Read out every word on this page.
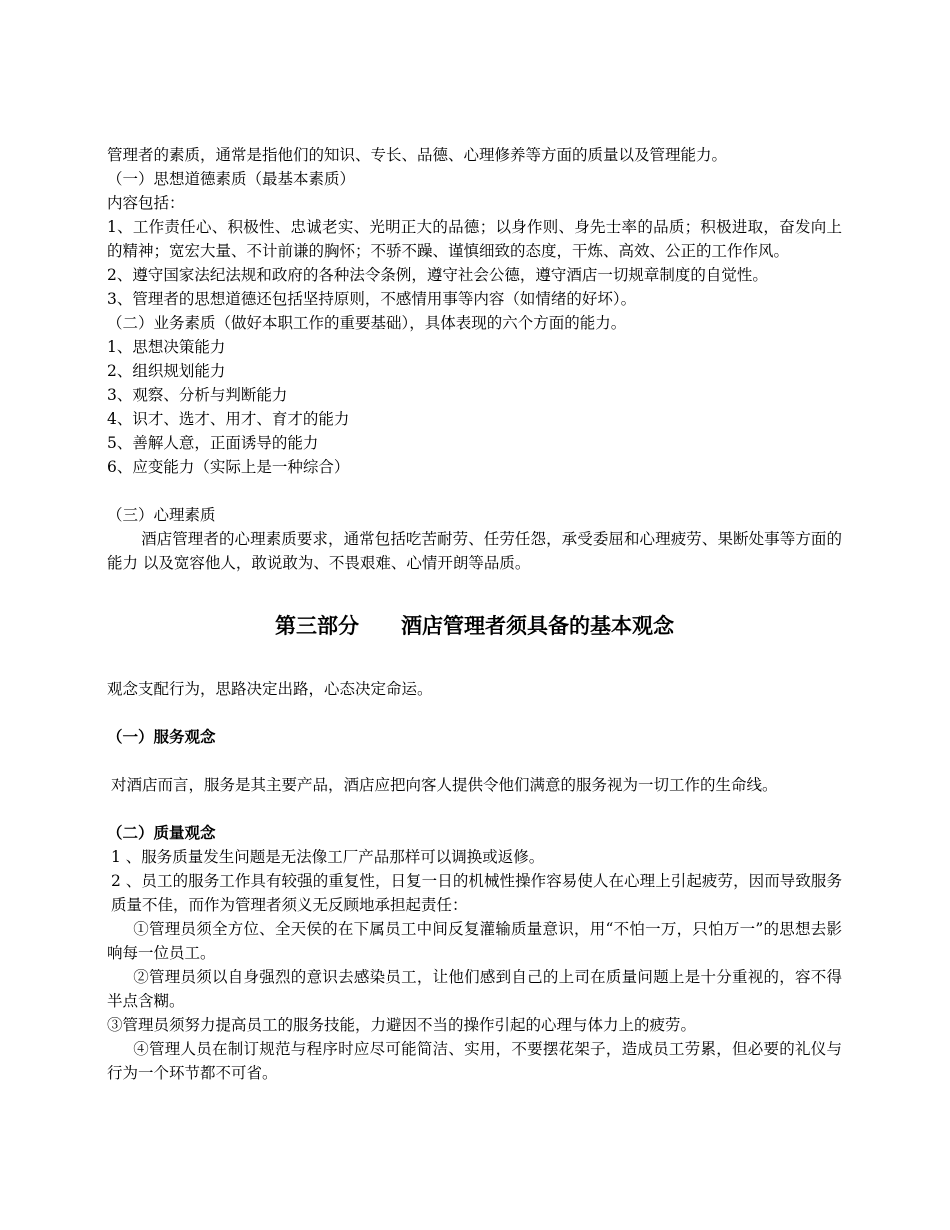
管理者的素质，通常是指他们的知识、专长、品德、心理修养等方面的质量以及管理能力。

（一）思想道德素质（最基本素质）

内容包括：

1、工作责任心、积极性、忠诚老实、光明正大的品德；以身作则、身先士率的品质；积极进取，奋发向上的精神；宽宏大量、不计前谦的胸怀；不骄不躁、谨慎细致的态度，干炼、高效、公正的工作作风。

2、遵守国家法纪法规和政府的各种法令条例，遵守社会公德，遵守酒店一切规章制度的自觉性。

3、管理者的思想道德还包括坚持原则，不感情用事等内容（如情绪的好坏）。

（二）业务素质（做好本职工作的重要基础），具体表现的六个方面的能力。

1、思想决策能力

2、组织规划能力

3、观察、分析与判断能力

4、识才、选才、用才、育才的能力

5、善解人意，正面诱导的能力

6、应变能力（实际上是一种综合）

（三）心理素质

酒店管理者的心理素质要求，通常包括吃苦耐劳、任劳任怨，承受委屈和心理疲劳、果断处事等方面的能力 以及宽容他人，敢说敢为、不畏艰难、心情开朗等品质。

第三部分　　酒店管理者须具备的基本观念

观念支配行为，思路决定出路，心态决定命运。

（一）服务观念

对酒店而言，服务是其主要产品，酒店应把向客人提供令他们满意的服务视为一切工作的生命线。

（二）质量观念

1 、服务质量发生问题是无法像工厂产品那样可以调换或返修。

2 、员工的服务工作具有较强的重复性，日复一日的机械性操作容易使人在心理上引起疲劳，因而导致服务质量不佳，而作为管理者须义无反顾地承担起责任：

①管理员须全方位、全天侯的在下属员工中间反复灌输质量意识，用“不怕一万，只怕万一”的思想去影响每一位员工。

②管理员须以自身强烈的意识去感染员工，让他们感到自己的上司在质量问题上是十分重视的，容不得半点含糊。

③管理员须努力提高员工的服务技能，力避因不当的操作引起的心理与体力上的疲劳。

④管理人员在制订规范与程序时应尽可能简洁、实用，不要摆花架子，造成员工劳累，但必要的礼仪与行为一个环节都不可省。
